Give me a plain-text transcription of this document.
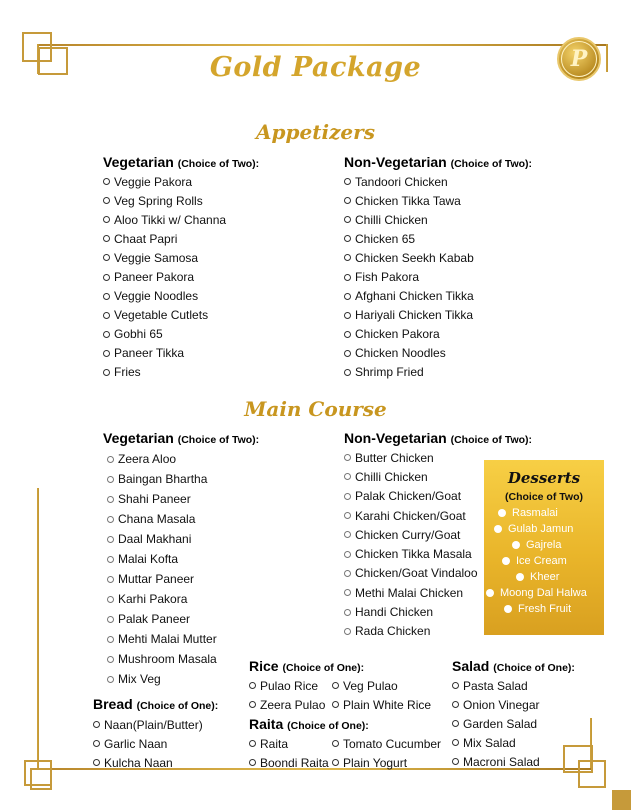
P
Gold Package
Appetizers
Vegetarian (Choice of Two):
Veggie Pakora
Veg Spring Rolls
Aloo Tikki w/ Channa
Chaat Papri
Veggie Samosa
Paneer Pakora
Veggie Noodles
Vegetable Cutlets
Gobhi 65
Paneer Tikka
Fries
Non-Vegetarian (Choice of Two):
Tandoori Chicken
Chicken Tikka Tawa
Chilli Chicken
Chicken 65
Chicken Seekh Kabab
Fish Pakora
Afghani Chicken Tikka
Hariyali Chicken Tikka
Chicken Pakora
Chicken Noodles
Shrimp Fried
Main Course
Vegetarian (Choice of Two):
Zeera Aloo
Baingan Bhartha
Shahi Paneer
Chana Masala
Daal Makhani
Malai Kofta
Muttar Paneer
Karhi Pakora
Palak Paneer
Mehti Malai Mutter
Mushroom Masala
Mix Veg
Non-Vegetarian (Choice of Two):
Butter Chicken
Chilli Chicken
Palak Chicken/Goat
Karahi Chicken/Goat
Chicken Curry/Goat
Chicken Tikka Masala
Chicken/Goat Vindaloo
Methi Malai Chicken
Handi Chicken
Rada Chicken
Desserts
(Choice of Two)
Rasmalai
Gulab Jamun
Gajrela
Ice Cream
Kheer
Moong Dal Halwa
Fresh Fruit
Rice (Choice of One):
Pulao Rice
Zeera Pulao
Veg Pulao
Plain White Rice
Raita (Choice of One):
Raita
Boondi Raita
Tomato Cucumber
Plain Yogurt
Bread (Choice of One):
Naan(Plain/Butter)
Garlic Naan
Kulcha Naan
Salad (Choice of One):
Pasta Salad
Onion Vinegar
Garden Salad
Mix Salad
Macroni Salad
